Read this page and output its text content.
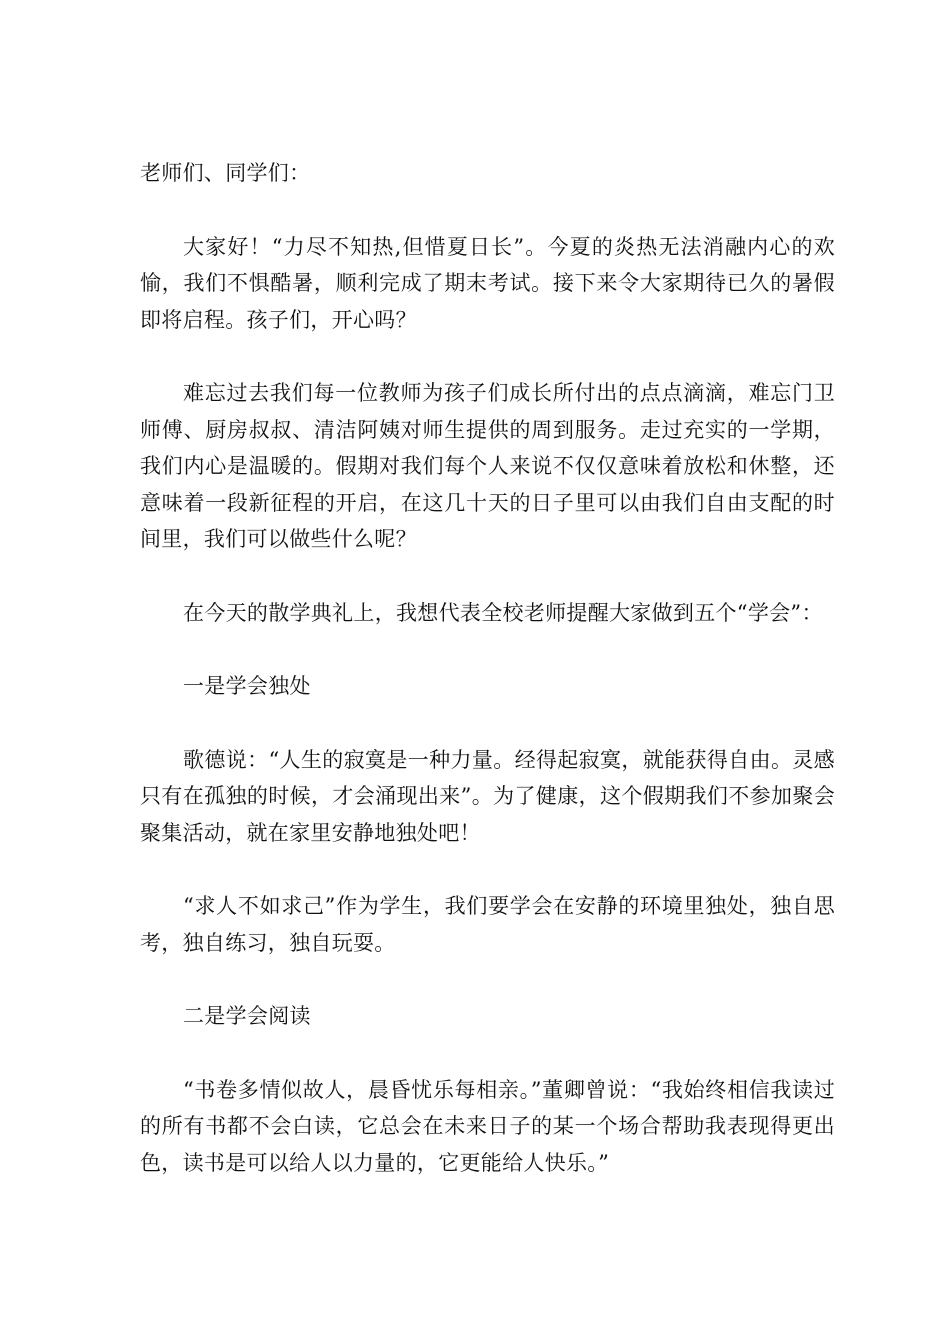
老师们、同学们：

大家好！“力尽不知热,但惜夏日长”。今夏的炎热无法消融内心的欢愉，我们不惧酷暑，顺利完成了期末考试。接下来令大家期待已久的暑假即将启程。孩子们，开心吗？

难忘过去我们每一位教师为孩子们成长所付出的点点滴滴，难忘门卫师傅、厨房叔叔、清洁阿姨对师生提供的周到服务。走过充实的一学期，我们内心是温暖的。假期对我们每个人来说不仅仅意味着放松和休整，还意味着一段新征程的开启，在这几十天的日子里可以由我们自由支配的时间里，我们可以做些什么呢？

在今天的散学典礼上，我想代表全校老师提醒大家做到五个“学会”：

一是学会独处

歌德说：“人生的寂寞是一种力量。经得起寂寞，就能获得自由。灵感只有在孤独的时候，才会涌现出来”。为了健康，这个假期我们不参加聚会聚集活动，就在家里安静地独处吧！

“求人不如求己”作为学生，我们要学会在安静的环境里独处，独自思考，独自练习，独自玩耍。

二是学会阅读

“书卷多情似故人，晨昏忧乐每相亲。”董卿曾说：“我始终相信我读过的所有书都不会白读，它总会在未来日子的某一个场合帮助我表现得更出色，读书是可以给人以力量的，它更能给人快乐。”
